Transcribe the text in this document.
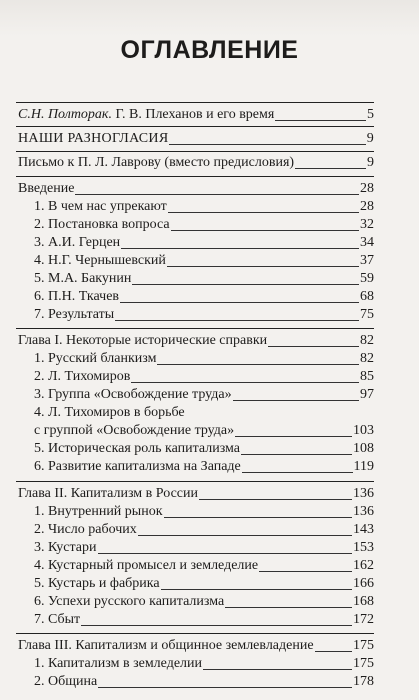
ОГЛАВЛЕНИЕ
С.Н. Полторак. Г. В. Плеханов и его время	5
НАШИ РАЗНОГЛАСИЯ	9
Письмо к П. Л. Лаврову (вместо предисловия)	9
Введение	28
1. В чем нас упрекают	28
2. Постановка вопроса	32
3. А.И. Герцен	34
4. Н.Г. Чернышевский	37
5. М.А. Бакунин	59
6. П.Н. Ткачев	68
7. Результаты	75
Глава I. Некоторые исторические справки	82
1. Русский бланкизм	82
2. Л. Тихомиров	85
3. Группа «Освобождение труда»	97
4. Л. Тихомиров в борьбе
с группой «Освобождение труда»	103
5. Историческая роль капитализма	108
6. Развитие капитализма на Западе	119
Глава II. Капитализм в России	136
1. Внутренний рынок	136
2. Число рабочих	143
3. Кустари	153
4. Кустарный промысел и земледелие	162
5. Кустарь и фабрика	166
6. Успехи русского капитализма	168
7. Сбыт	172
Глава III. Капитализм и общинное землевладение	175
1. Капитализм в земледелии	175
2. Община	178
